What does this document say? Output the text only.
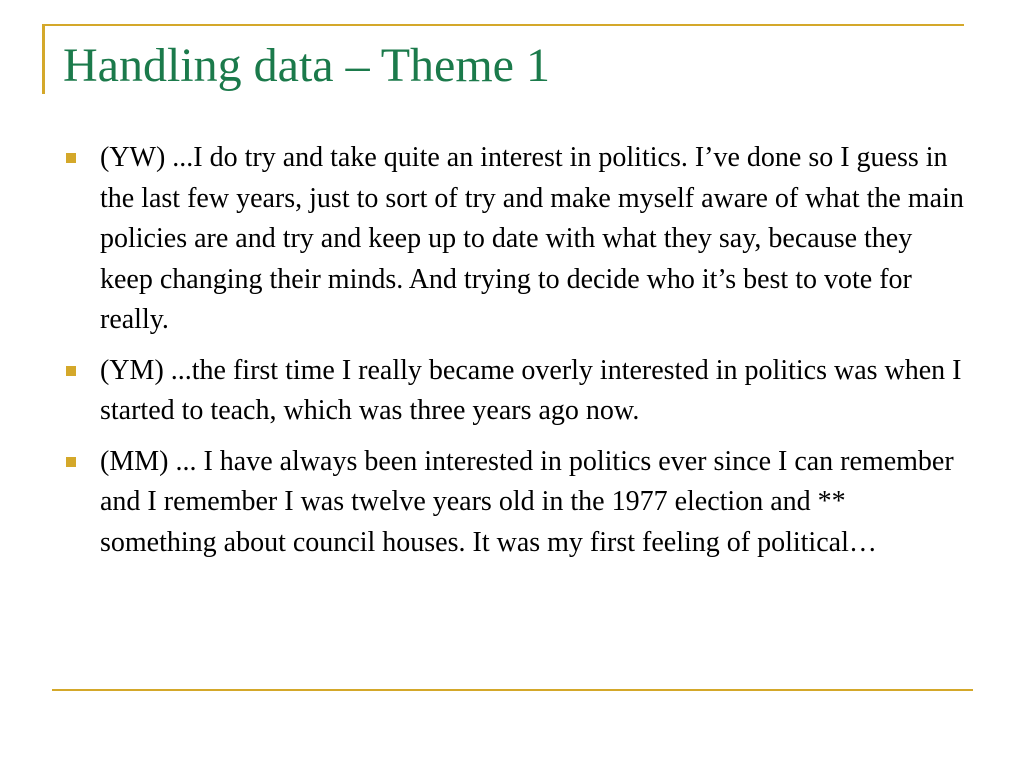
Handling data – Theme 1
(YW) ...I do try and take quite an interest in politics. I’ve done so I guess in the last few years, just to sort of try and make myself aware of what the main policies are and try and keep up to date with what they say, because they keep changing their minds. And trying to decide who it’s best to vote for really.
(YM) ...the first time I really became overly interested in politics was when I started to teach, which was three years ago now.
(MM) ... I have always been interested in politics ever since I can remember and I remember I was twelve years old in the 1977 election and ** something about council houses. It was my first feeling of political…
